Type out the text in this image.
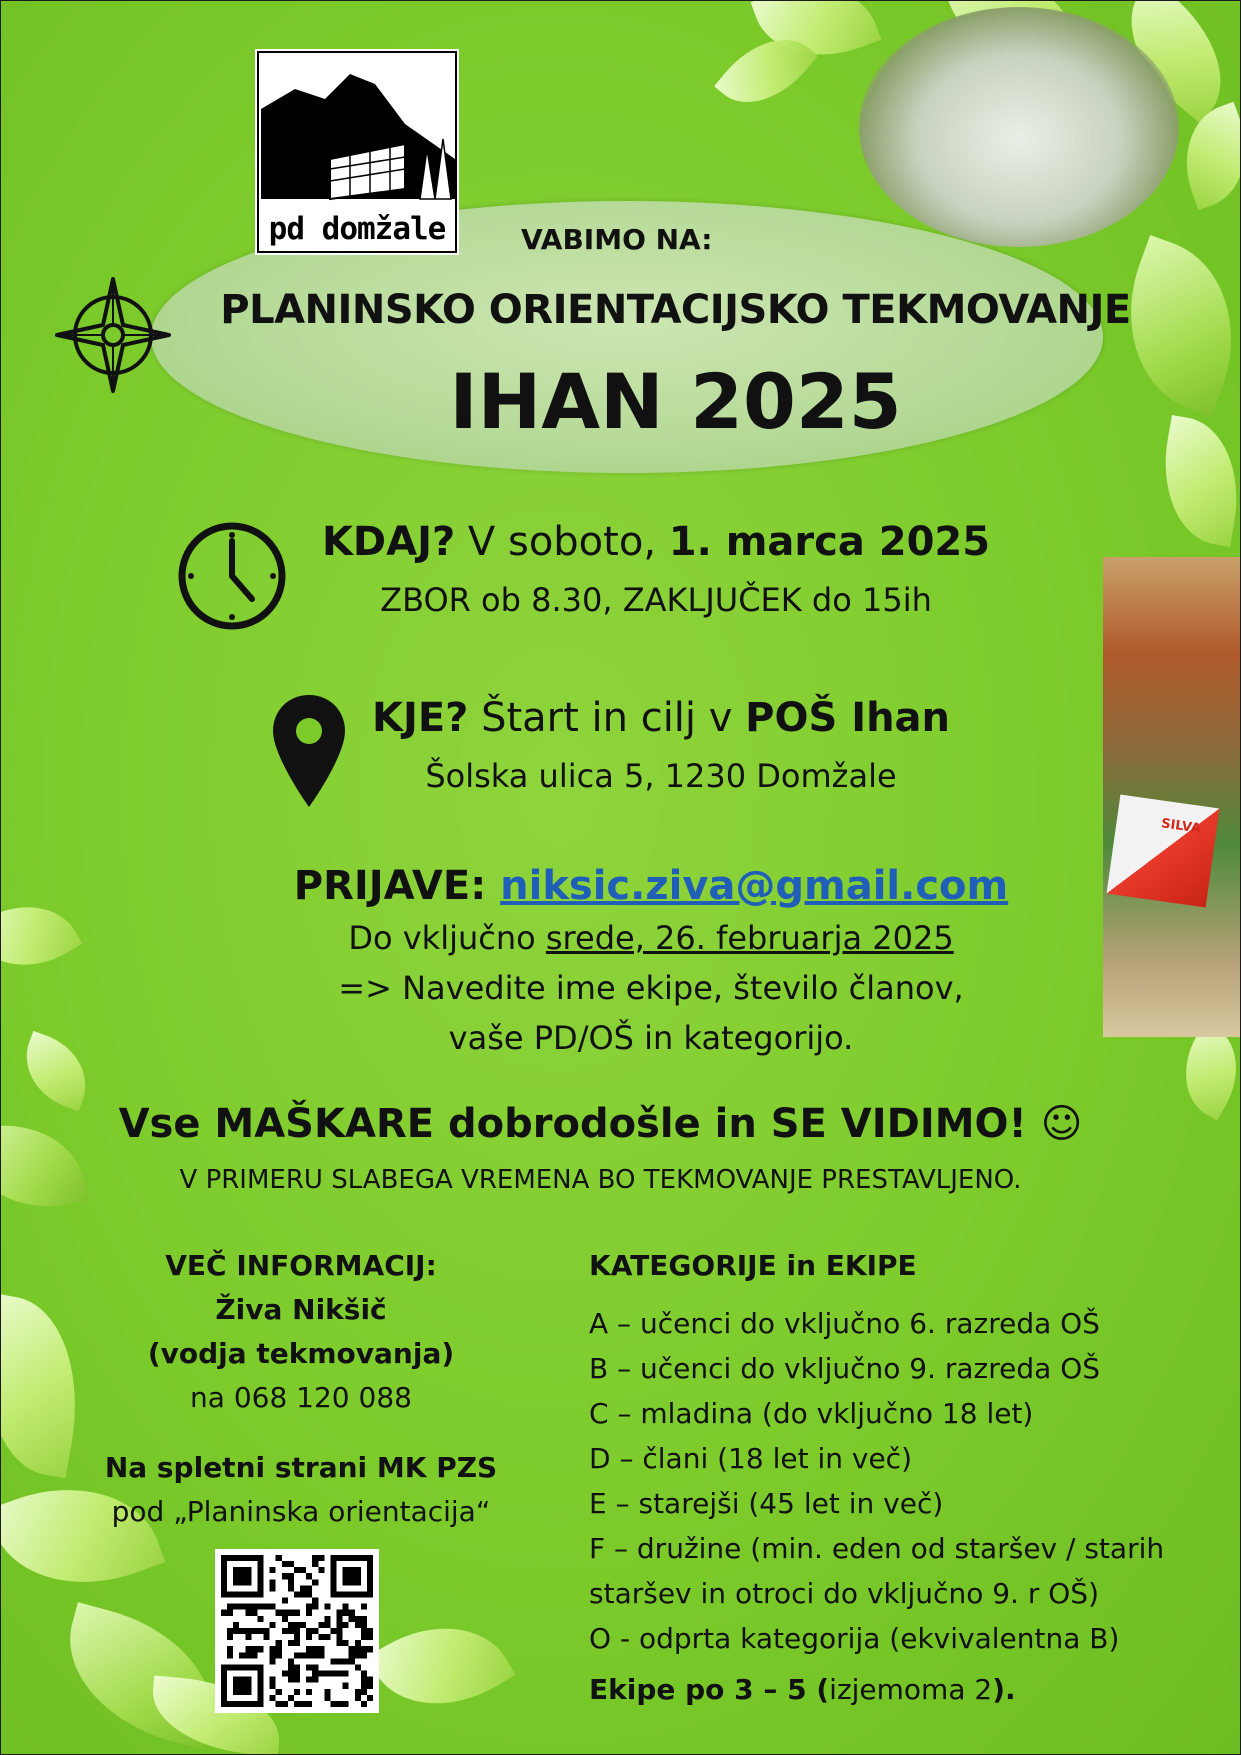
SILVA
pd domžale	VABIMO NA:
PLANINSKO ORIENTACIJSKO TEKMOVANJE
IHAN 2025
KDAJ? V soboto, 1. marca 2025
ZBOR ob 8.30, ZAKLJUČEK do 15ih
KJE? Štart in cilj v POŠ Ihan
Šolska ulica 5, 1230 Domžale
PRIJAVE: niksic.ziva@gmail.com
Do vključno srede, 26. februarja 2025
=> Navedite ime ekipe, število članov,
vaše PD/OŠ in kategorijo.
Vse MAŠKARE dobrodošle in SE VIDIMO! ☺
V PRIMERU SLABEGA VREMENA BO TEKMOVANJE PRESTAVLJENO.
VEČ INFORMACIJ:
Živa Nikšič
(vodja tekmovanja)
na 068 120 088
Na spletni strani MK PZS
pod „Planinska orientacija“
KATEGORIJE in EKIPE
A – učenci do vključno 6. razreda OŠ
B – učenci do vključno 9. razreda OŠ
C – mladina (do vključno 18 let)
D – člani (18 let in več)
E – starejši (45 let in več)
F – družine (min. eden od staršev / starih
staršev in otroci do vključno 9. r OŠ)
O - odprta kategorija (ekvivalentna B)
Ekipe po 3 – 5 (izjemoma 2).
